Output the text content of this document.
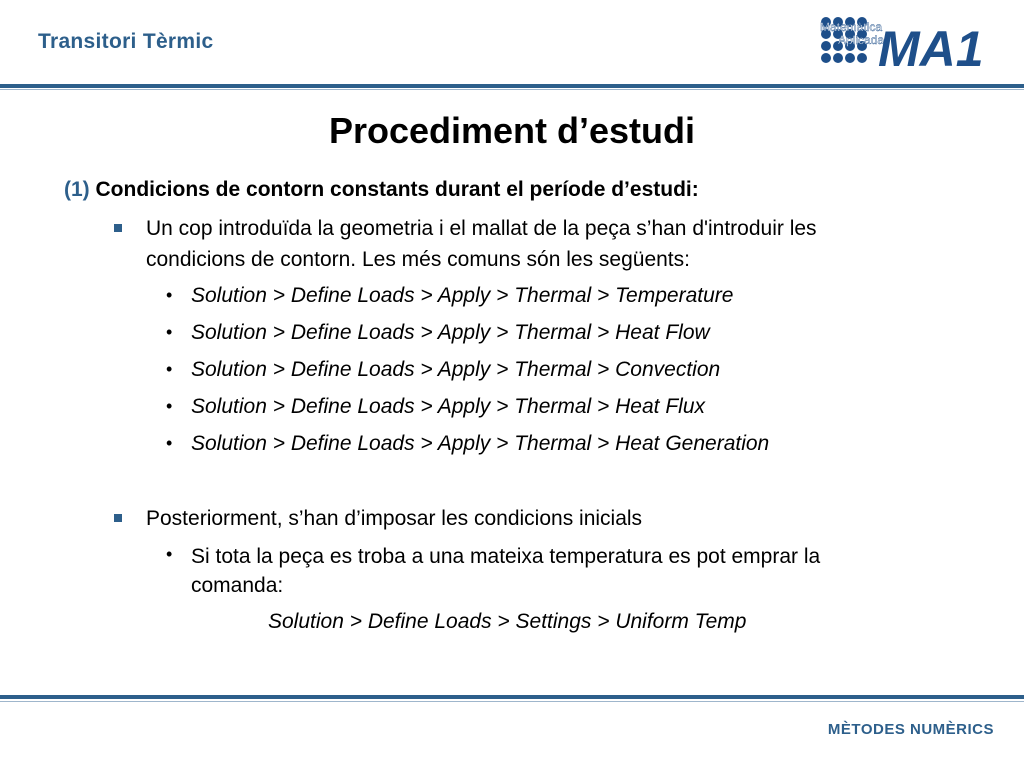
Transitori Tèrmic
Matemàtica
Aplicada
MA1
Procediment d’estudi
(1) Condicions de contorn constants durant el període d’estudi:
Un cop introduïda la geometria i el mallat de la peça s’han d'introduir les
condicions de contorn. Les més comuns són les següents:
• Solution > Define Loads > Apply > Thermal > Temperature
• Solution > Define Loads > Apply > Thermal > Heat Flow
• Solution > Define Loads > Apply > Thermal > Convection
• Solution > Define Loads > Apply > Thermal > Heat Flux
• Solution > Define Loads > Apply > Thermal > Heat Generation
Posteriorment, s’han d’imposar les condicions inicials
• Si tota la peça es troba a una mateixa temperatura es pot emprar la
comanda:
Solution > Define Loads > Settings > Uniform Temp
MÈTODES NUMÈRICS
